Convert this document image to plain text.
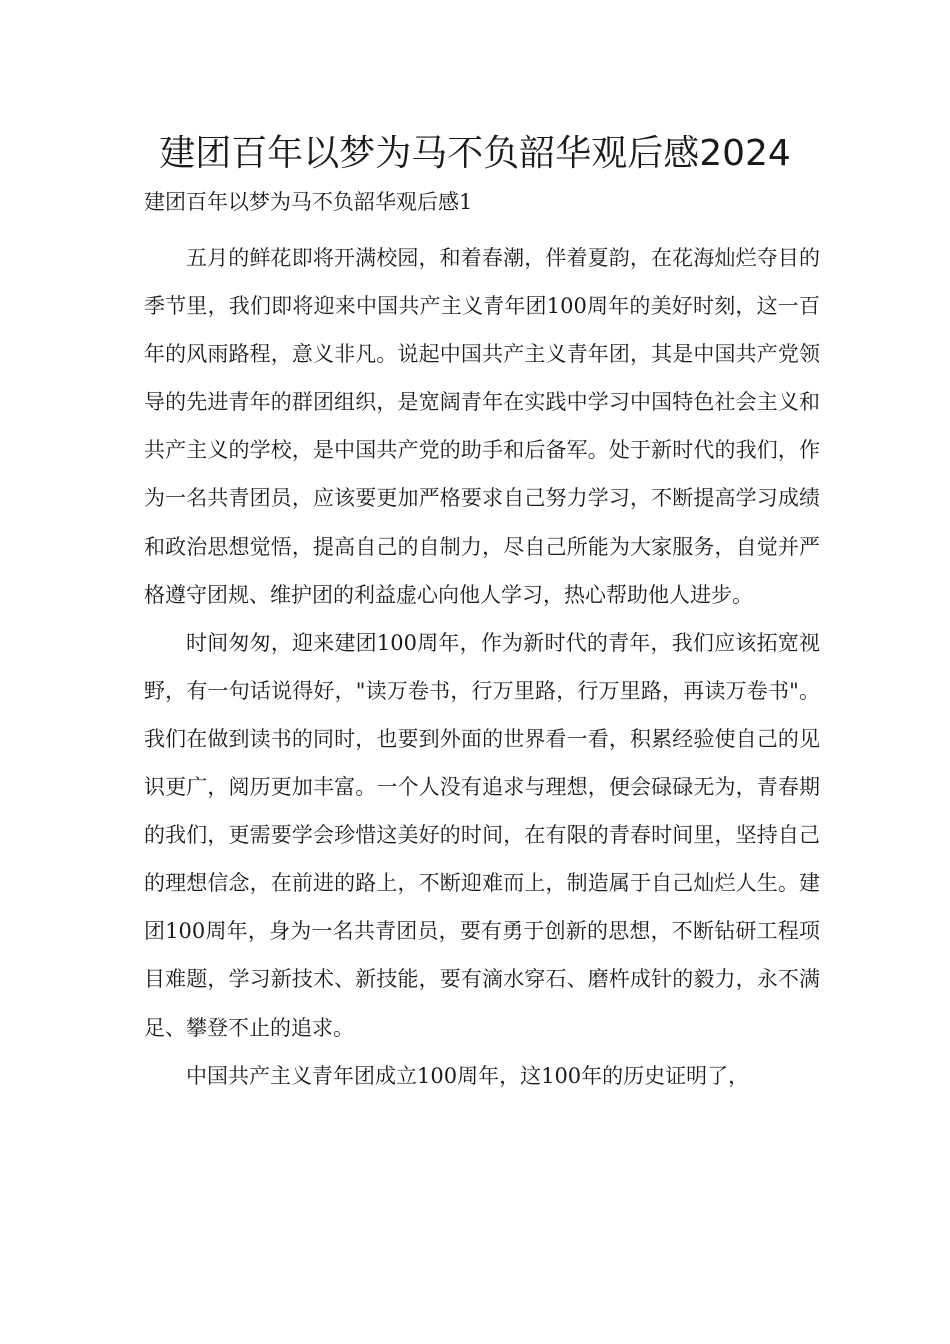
建团百年以梦为马不负韶华观后感2024

建团百年以梦为马不负韶华观后感1

五月的鲜花即将开满校园，和着春潮，伴着夏韵，在花海灿烂夺目的季节里，我们即将迎来中国共产主义青年团100周年的美好时刻，这一百年的风雨路程，意义非凡。说起中国共产主义青年团，其是中国共产党领导的先进青年的群团组织，是宽阔青年在实践中学习中国特色社会主义和共产主义的学校，是中国共产党的助手和后备军。处于新时代的我们，作为一名共青团员，应该要更加严格要求自己努力学习，不断提高学习成绩和政治思想觉悟，提高自己的自制力，尽自己所能为大家服务，自觉并严格遵守团规、维护团的利益虚心向他人学习，热心帮助他人进步。

时间匆匆，迎来建团100周年，作为新时代的青年，我们应该拓宽视野，有一句话说得好，"读万卷书，行万里路，行万里路，再读万卷书"。我们在做到读书的同时，也要到外面的世界看一看，积累经验使自己的见识更广，阅历更加丰富。一个人没有追求与理想，便会碌碌无为，青春期的我们，更需要学会珍惜这美好的时间，在有限的青春时间里，坚持自己的理想信念，在前进的路上，不断迎难而上，制造属于自己灿烂人生。建团100周年，身为一名共青团员，要有勇于创新的思想，不断钻研工程项目难题，学习新技术、新技能，要有滴水穿石、磨杵成针的毅力，永不满足、攀登不止的追求。

中国共产主义青年团成立100周年，这100年的历史证明了，
